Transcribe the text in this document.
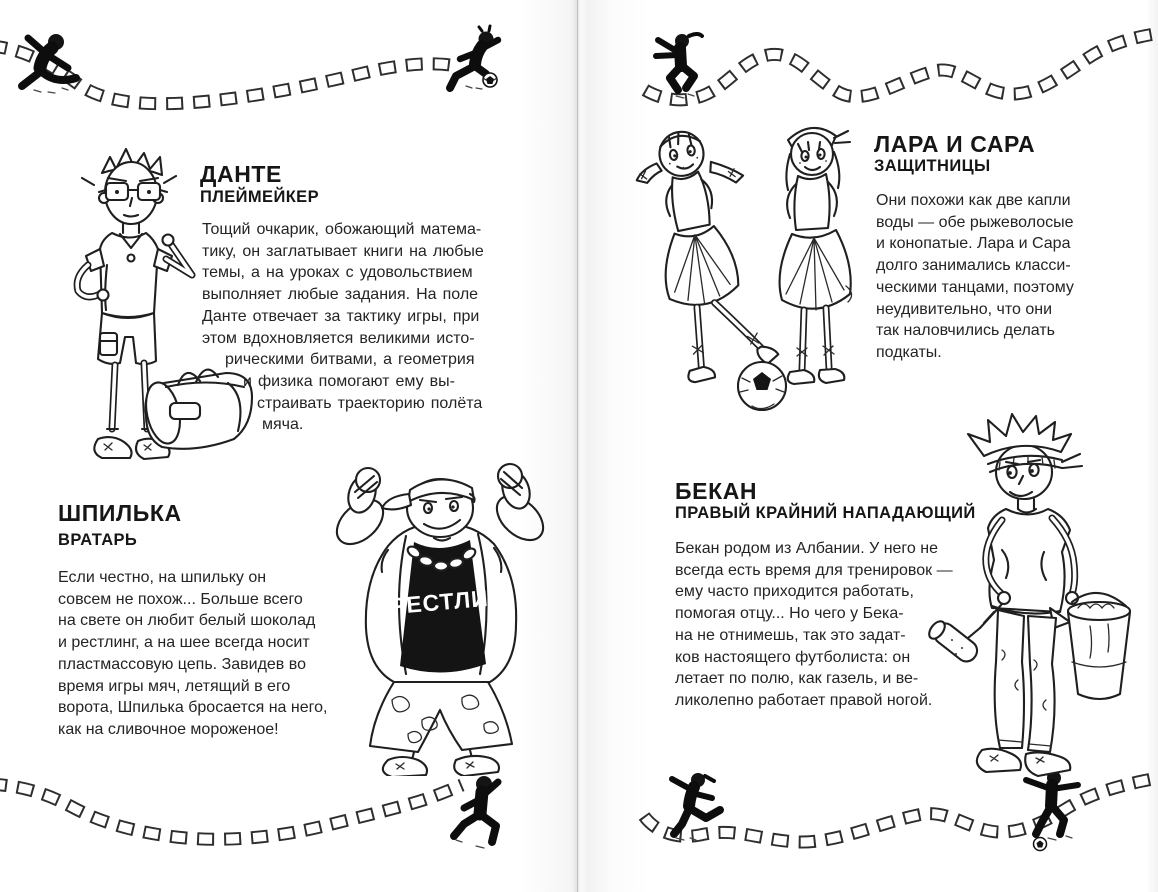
ДАНТЕ
ПЛЕЙМЕЙКЕР
Тощий очкарик, обожающий матема-
тику, он заглатывает книги на любые
темы, а на уроках с удовольствием
выполняет любые задания. На поле
Данте отвечает за тактику игры, при
этом вдохновляется великими исто-
рическими битвами, а геометрия
и физика помогают ему вы-
страивать траекторию полёта
мяча.
РЕСТЛИ
ШПИЛЬКА
ВРАТАРЬ
Если честно, на шпильку он
совсем не похож... Больше всего
на свете он любит белый шоколад
и рестлинг, а на шее всегда носит
пластмассовую цепь. Завидев во
время игры мяч, летящий в его
ворота, Шпилька бросается на него,
как на сливочное мороженое!
ЛАРА И САРА
ЗАЩИТНИЦЫ
Они похожи как две капли
воды — обе рыжеволосые
и конопатые. Лара и Сара
долго занимались класси-
ческими танцами, поэтому
неудивительно, что они
так наловчились делать
подкаты.
БЕКАН
ПРАВЫЙ КРАЙНИЙ НАПАДАЮЩИЙ
Бекан родом из Албании. У него не
всегда есть время для тренировок —
ему часто приходится работать,
помогая отцу... Но чего у Бека-
на не отнимешь, так это задат-
ков настоящего футболиста: он
летает по полю, как газель, и ве-
ликолепно работает правой ногой.
